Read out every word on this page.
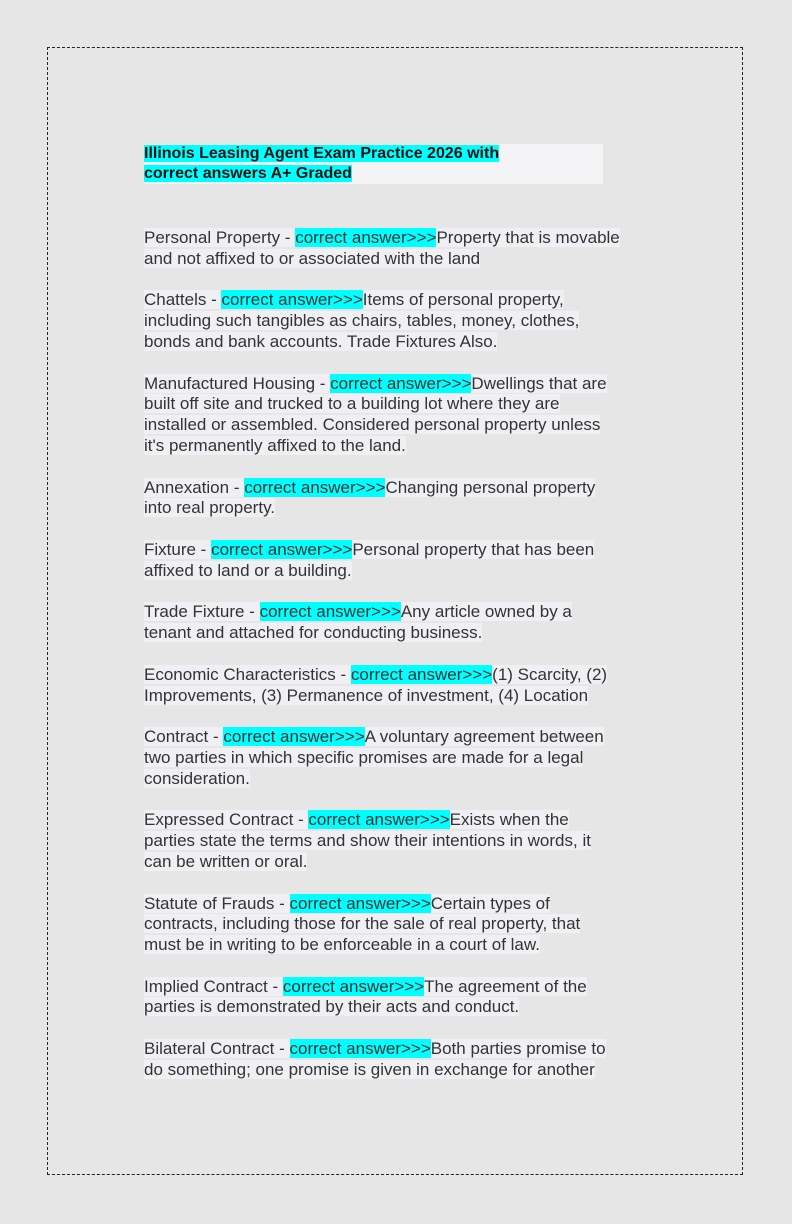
Illinois Leasing Agent Exam Practice 2026 with
correct answers A+ Graded

Personal Property - correct answer>>>Property that is movable
and not affixed to or associated with the land

Chattels - correct answer>>>Items of personal property,
including such tangibles as chairs, tables, money, clothes,
bonds and bank accounts. Trade Fixtures Also.

Manufactured Housing - correct answer>>>Dwellings that are
built off site and trucked to a building lot where they are
installed or assembled. Considered personal property unless
it's permanently affixed to the land.

Annexation - correct answer>>>Changing personal property
into real property.

Fixture - correct answer>>>Personal property that has been
affixed to land or a building.

Trade Fixture - correct answer>>>Any article owned by a
tenant and attached for conducting business.

Economic Characteristics - correct answer>>>(1) Scarcity, (2)
Improvements, (3) Permanence of investment, (4) Location

Contract - correct answer>>>A voluntary agreement between
two parties in which specific promises are made for a legal
consideration.

Expressed Contract - correct answer>>>Exists when the
parties state the terms and show their intentions in words, it
can be written or oral.

Statute of Frauds - correct answer>>>Certain types of
contracts, including those for the sale of real property, that
must be in writing to be enforceable in a court of law.

Implied Contract - correct answer>>>The agreement of the
parties is demonstrated by their acts and conduct.

Bilateral Contract - correct answer>>>Both parties promise to
do something; one promise is given in exchange for another
